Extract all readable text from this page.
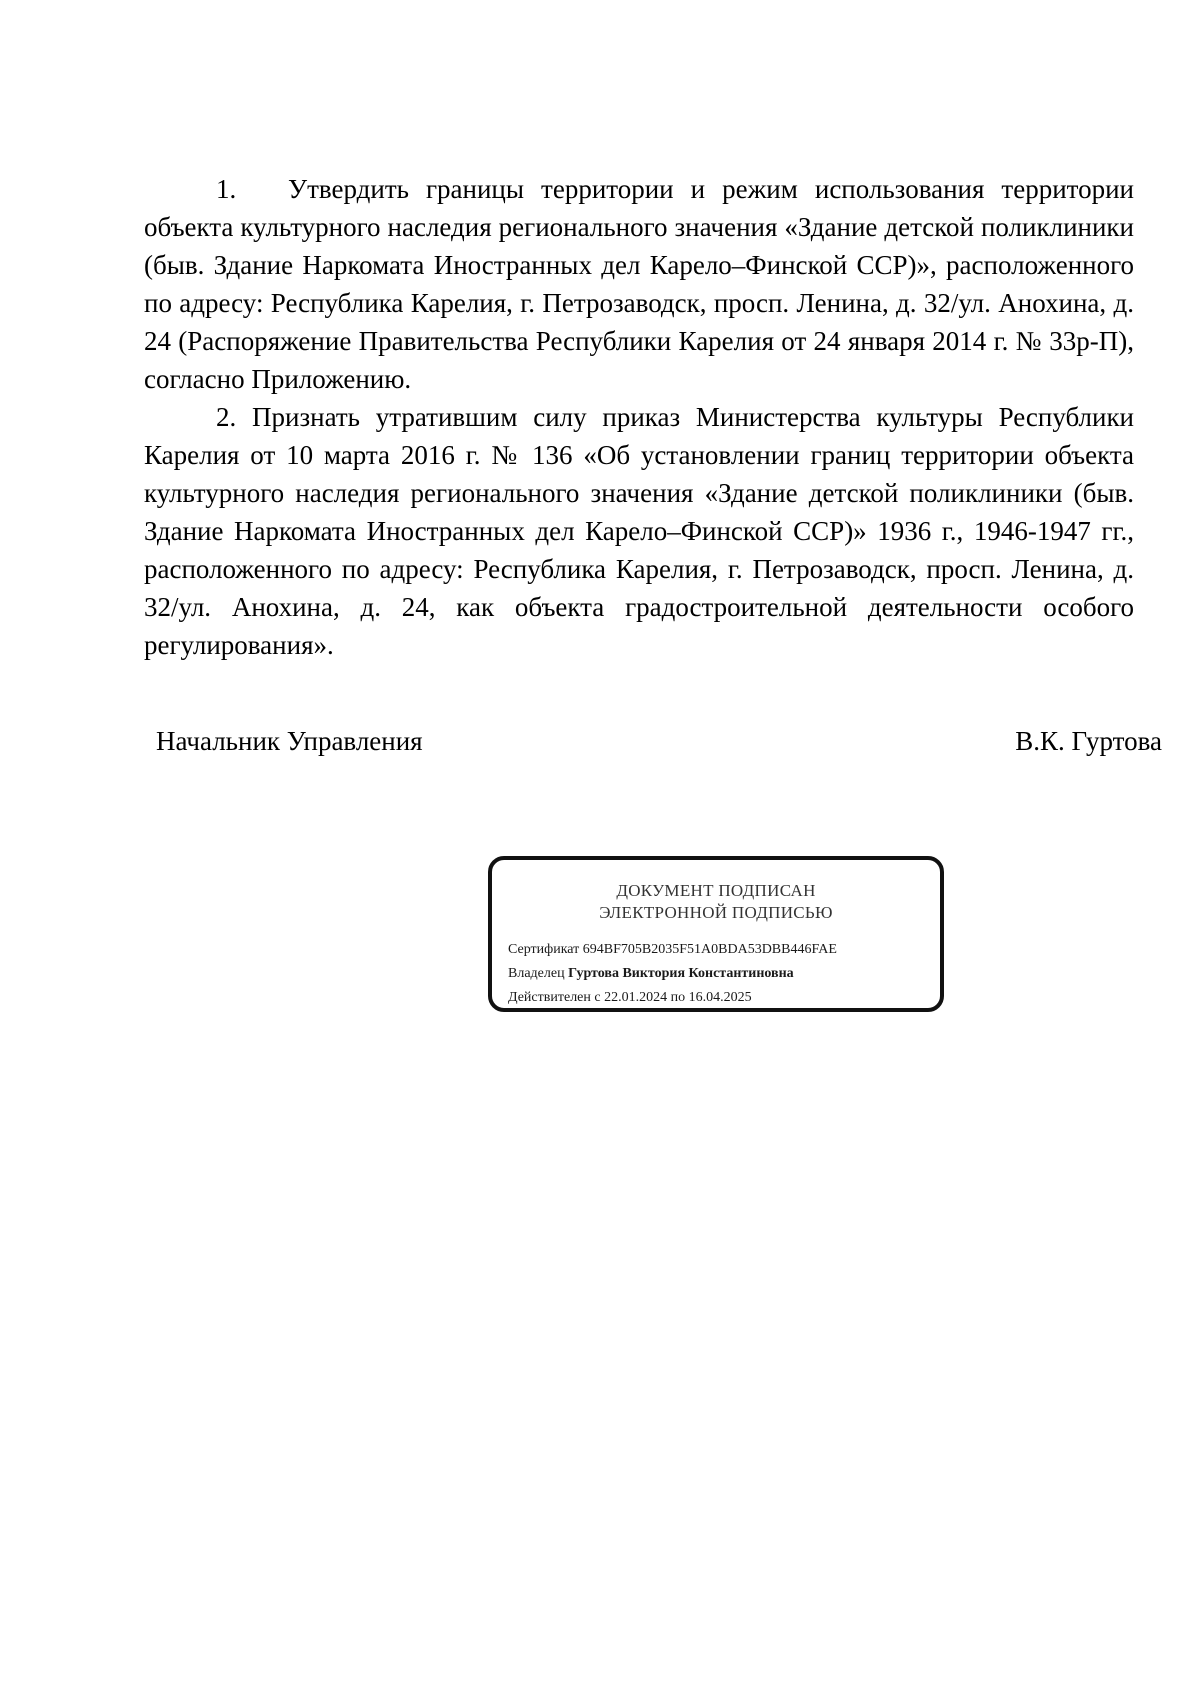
1. Утвердить границы территории и режим использования территории объекта культурного наследия регионального значения «Здание детской поликлиники (быв. Здание Наркомата Иностранных дел Карело–Финской ССР)», расположенного по адресу: Республика Карелия, г. Петрозаводск, просп. Ленина, д. 32/ул. Анохина, д. 24 (Распоряжение Правительства Республики Карелия от 24 января 2014 г. № 33р-П), согласно Приложению.

2. Признать утратившим силу приказ Министерства культуры Республики Карелия от 10 марта 2016 г. № 136 «Об установлении границ территории объекта культурного наследия регионального значения «Здание детской поликлиники (быв. Здание Наркомата Иностранных дел Карело–Финской ССР)» 1936 г., 1946-1947 гг., расположенного по адресу: Республика Карелия, г. Петрозаводск, просп. Ленина, д. 32/ул. Анохина, д. 24, как объекта градостроительной деятельности особого регулирования».

Начальник Управления	В.К. Гуртова
ДОКУМЕНТ ПОДПИСАН
ЭЛЕКТРОННОЙ ПОДПИСЬЮ
Сертификат 694BF705B2035F51A0BDA53DBB446FAE
Владелец Гуртова Виктория Константиновна
Действителен с 22.01.2024 по 16.04.2025
